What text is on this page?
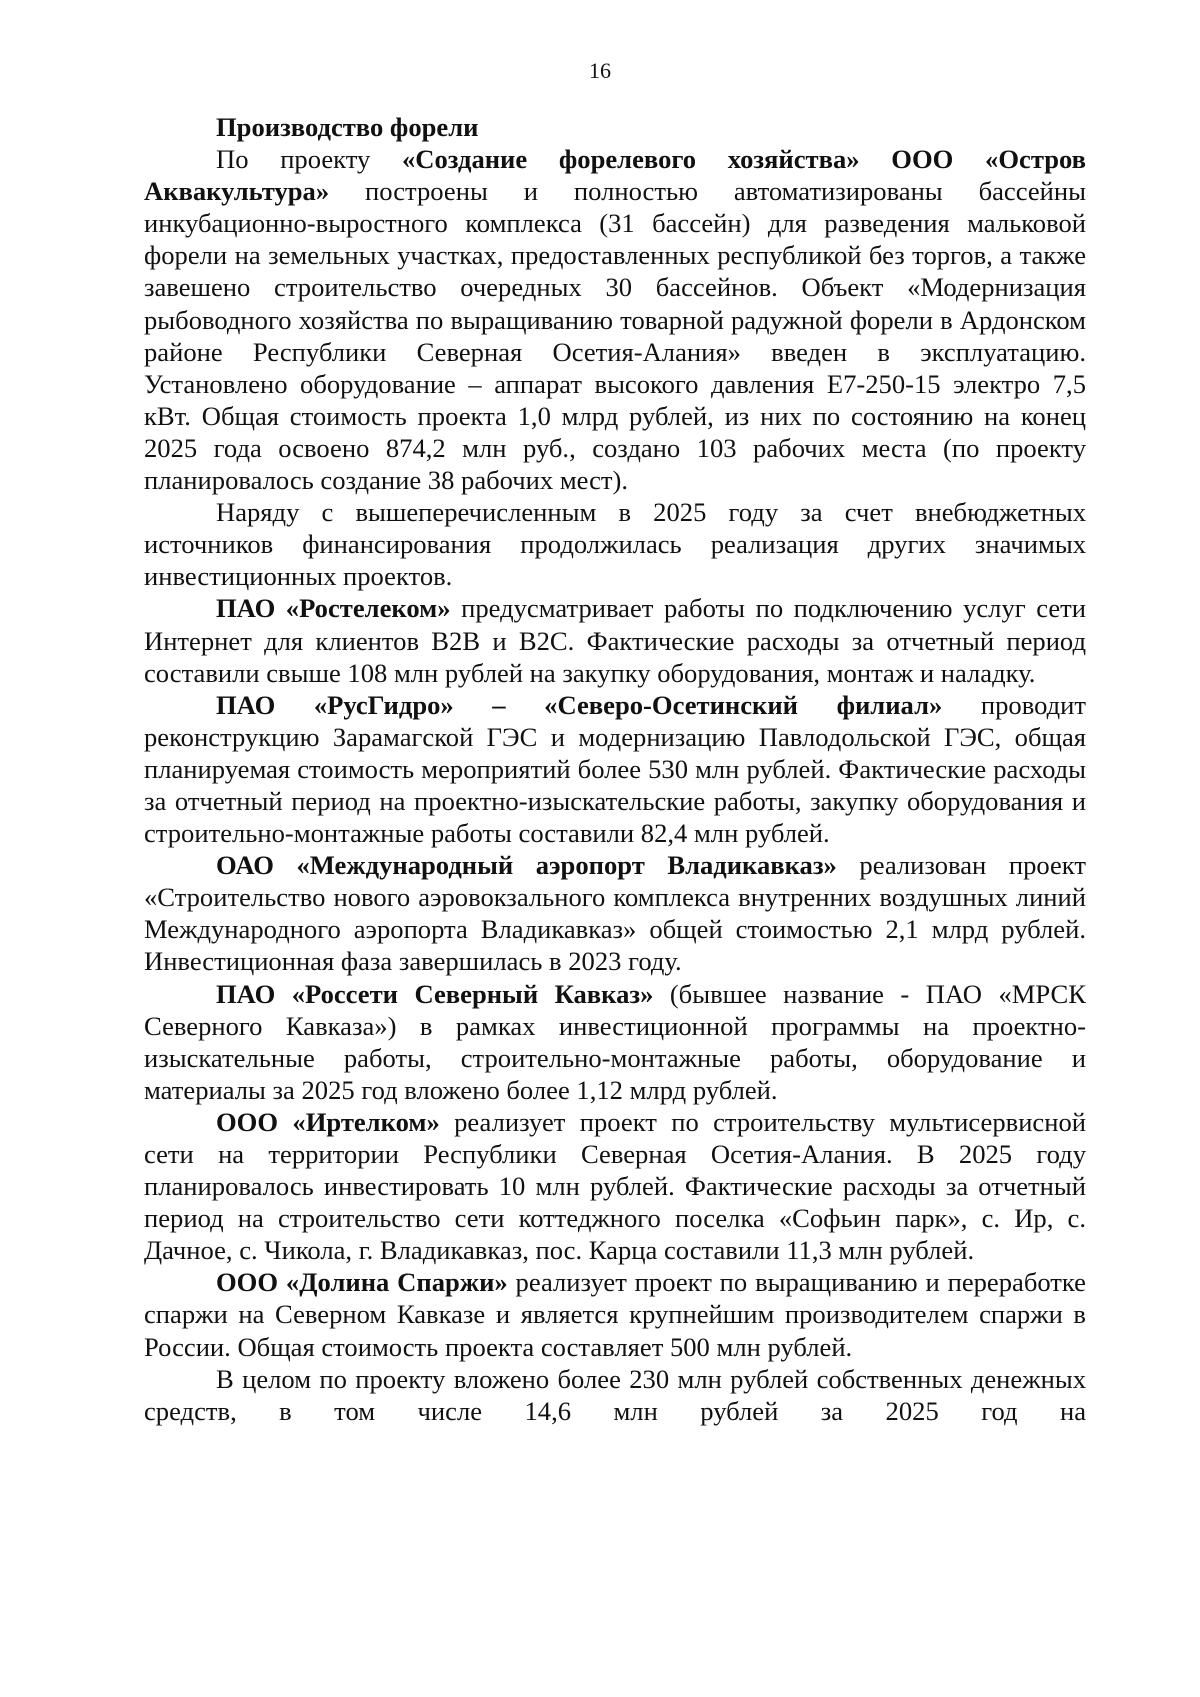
16

Производство форели

По проекту «Создание форелевого хозяйства» ООО «Остров Аквакультура» построены и полностью автоматизированы бассейны инкубационно-выростного комплекса (31 бассейн) для разведения мальковой форели на земельных участках, предоставленных республикой без торгов, а также завешено строительство очередных 30 бассейнов. Объект «Модернизация рыбоводного хозяйства по выращиванию товарной радужной форели в Ардонском районе Республики Северная Осетия-Алания» введен в эксплуатацию. Установлено оборудование – аппарат высокого давления E7-250-15 электро 7,5 кВт. Общая стоимость проекта 1,0 млрд рублей, из них по состоянию на конец 2025 года освоено 874,2 млн руб., создано 103 рабочих места (по проекту планировалось создание 38 рабочих мест).

Наряду с вышеперечисленным в 2025 году за счет внебюджетных источников финансирования продолжилась реализация других значимых инвестиционных проектов.

ПАО «Ростелеком» предусматривает работы по подключению услуг сети Интернет для клиентов B2B и B2C. Фактические расходы за отчетный период составили свыше 108 млн рублей на закупку оборудования, монтаж и наладку.

ПАО «РусГидро» – «Северо-Осетинский филиал» проводит реконструкцию Зарамагской ГЭС и модернизацию Павлодольской ГЭС, общая планируемая стоимость мероприятий более 530 млн рублей. Фактические расходы за отчетный период на проектно-изыскательские работы, закупку оборудования и строительно-монтажные работы составили 82,4 млн рублей.

ОАО «Международный аэропорт Владикавказ» реализован проект «Строительство нового аэровокзального комплекса внутренних воздушных линий Международного аэропорта Владикавказ» общей стоимостью 2,1 млрд рублей. Инвестиционная фаза завершилась в 2023 году.

ПАО «Россети Северный Кавказ» (бывшее название - ПАО «МРСК Северного Кавказа») в рамках инвестиционной программы на проектно-изыскательные работы, строительно-монтажные работы, оборудование и материалы за 2025 год вложено более 1,12 млрд рублей.

ООО «Иртелком» реализует проект по строительству мультисервисной сети на территории Республики Северная Осетия-Алания. В 2025 году планировалось инвестировать 10 млн рублей. Фактические расходы за отчетный период на строительство сети коттеджного поселка «Софьин парк», с. Ир, с. Дачное, с. Чикола, г. Владикавказ, пос. Карца составили 11,3 млн рублей.

ООО «Долина Спаржи» реализует проект по выращиванию и переработке спаржи на Северном Кавказе и является крупнейшим производителем спаржи в России. Общая стоимость проекта составляет 500 млн рублей.

В целом по проекту вложено более 230 млн рублей собственных денежных средств, в том числе 14,6 млн рублей за 2025 год на
